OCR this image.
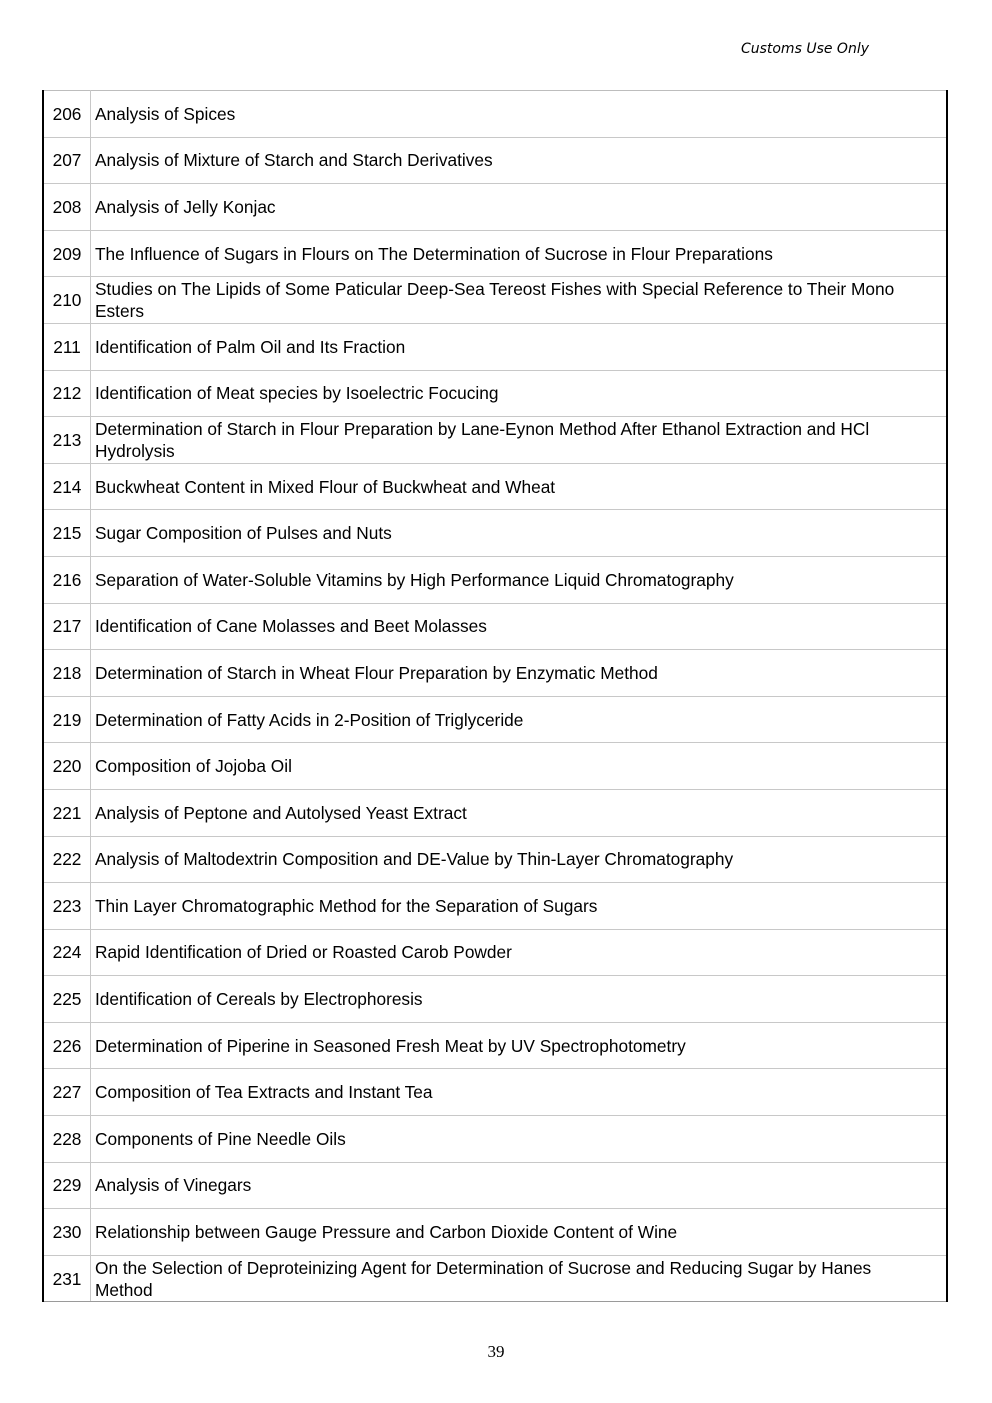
Customs Use Only
206	Analysis of Spices
207	Analysis of Mixture of Starch and Starch Derivatives
208	Analysis of Jelly Konjac
209	The Influence of Sugars in Flours on The Determination of Sucrose in Flour Preparations
210	Studies on The Lipids of Some Paticular Deep-Sea Tereost Fishes with Special Reference to Their Mono Esters
211	Identification of Palm Oil and Its Fraction
212	Identification of Meat species by Isoelectric Focucing
213	Determination of Starch in Flour Preparation by Lane-Eynon Method After Ethanol Extraction and HCl Hydrolysis
214	Buckwheat Content in Mixed Flour of Buckwheat and Wheat
215	Sugar Composition of Pulses and Nuts
216	Separation of Water-Soluble Vitamins by High Performance Liquid Chromatography
217	Identification of Cane Molasses and Beet Molasses
218	Determination of Starch in Wheat Flour Preparation by Enzymatic Method
219	Determination of Fatty Acids in 2-Position of Triglyceride
220	Composition of Jojoba Oil
221	Analysis of Peptone and Autolysed Yeast Extract
222	Analysis of Maltodextrin Composition and DE-Value by Thin-Layer Chromatography
223	Thin Layer Chromatographic Method for the Separation of Sugars
224	Rapid Identification of Dried or Roasted Carob Powder
225	Identification of Cereals by Electrophoresis
226	Determination of Piperine in Seasoned Fresh Meat by UV Spectrophotometry
227	Composition of Tea Extracts and Instant Tea
228	Components of Pine Needle Oils
229	Analysis of Vinegars
230	Relationship between Gauge Pressure and Carbon Dioxide Content of Wine
231	On the Selection of Deproteinizing Agent for Determination of Sucrose and Reducing Sugar by Hanes Method
39
